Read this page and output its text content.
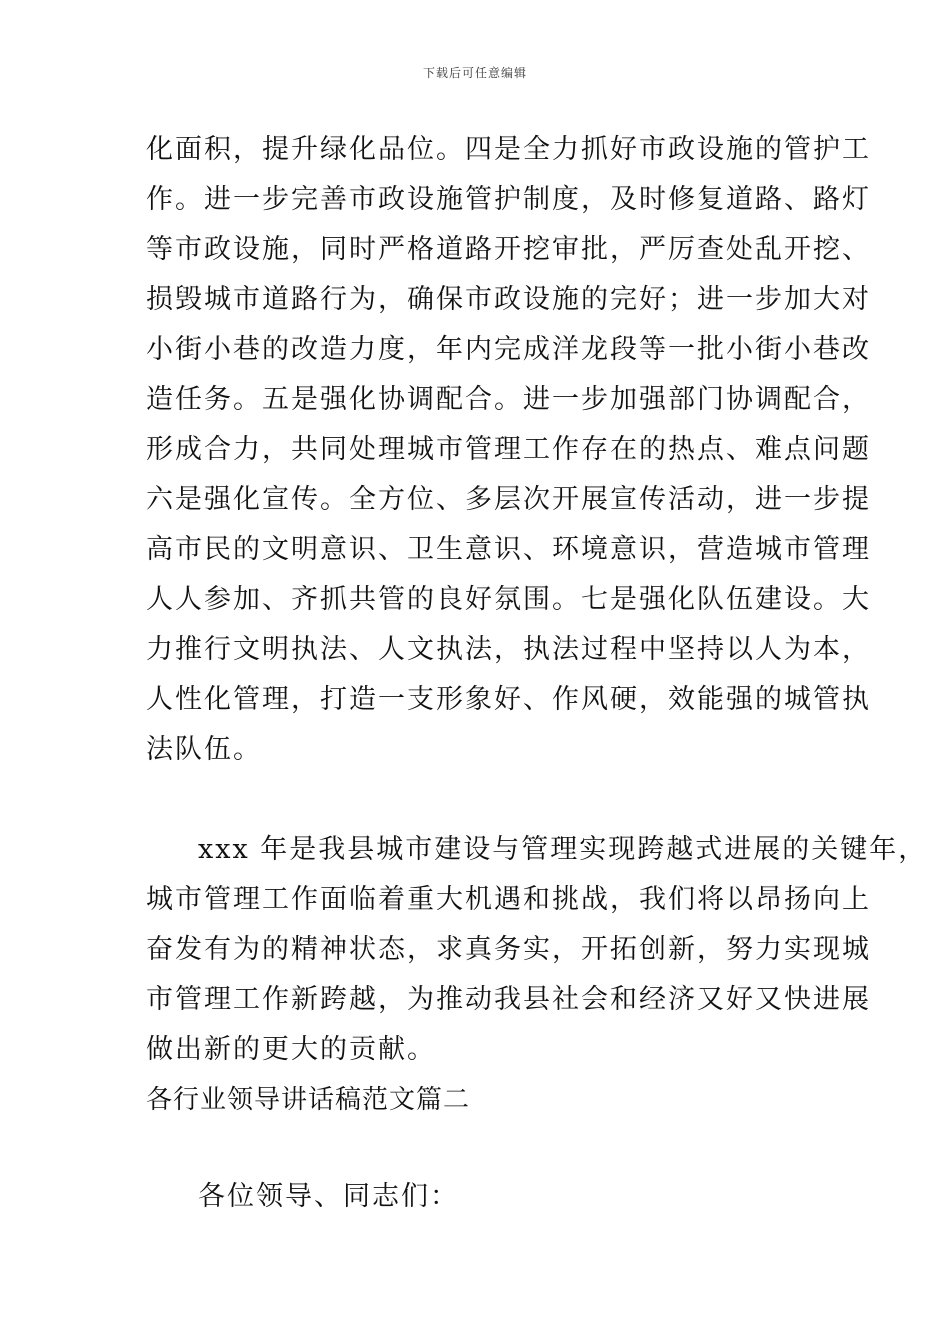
下载后可任意编辑
化面积，提升绿化品位。四是全力抓好市政设施的管护工
作。进一步完善市政设施管护制度，及时修复道路、路灯
等市政设施，同时严格道路开挖审批，严厉查处乱开挖、
损毁城市道路行为，确保市政设施的完好；进一步加大对
小街小巷的改造力度，年内完成洋龙段等一批小街小巷改
造任务。五是强化协调配合。进一步加强部门协调配合，
形成合力，共同处理城市管理工作存在的热点、难点问题
六是强化宣传。全方位、多层次开展宣传活动，进一步提
高市民的文明意识、卫生意识、环境意识，营造城市管理
人人参加、齐抓共管的良好氛围。七是强化队伍建设。大
力推行文明执法、人文执法，执法过程中坚持以人为本，
人性化管理，打造一支形象好、作风硬，效能强的城管执
法队伍。
xxx 年是我县城市建设与管理实现跨越式进展的关键年，
城市管理工作面临着重大机遇和挑战，我们将以昂扬向上
奋发有为的精神状态，求真务实，开拓创新，努力实现城
市管理工作新跨越，为推动我县社会和经济又好又快进展
做出新的更大的贡献。
各行业领导讲话稿范文篇二
各位领导、同志们：
